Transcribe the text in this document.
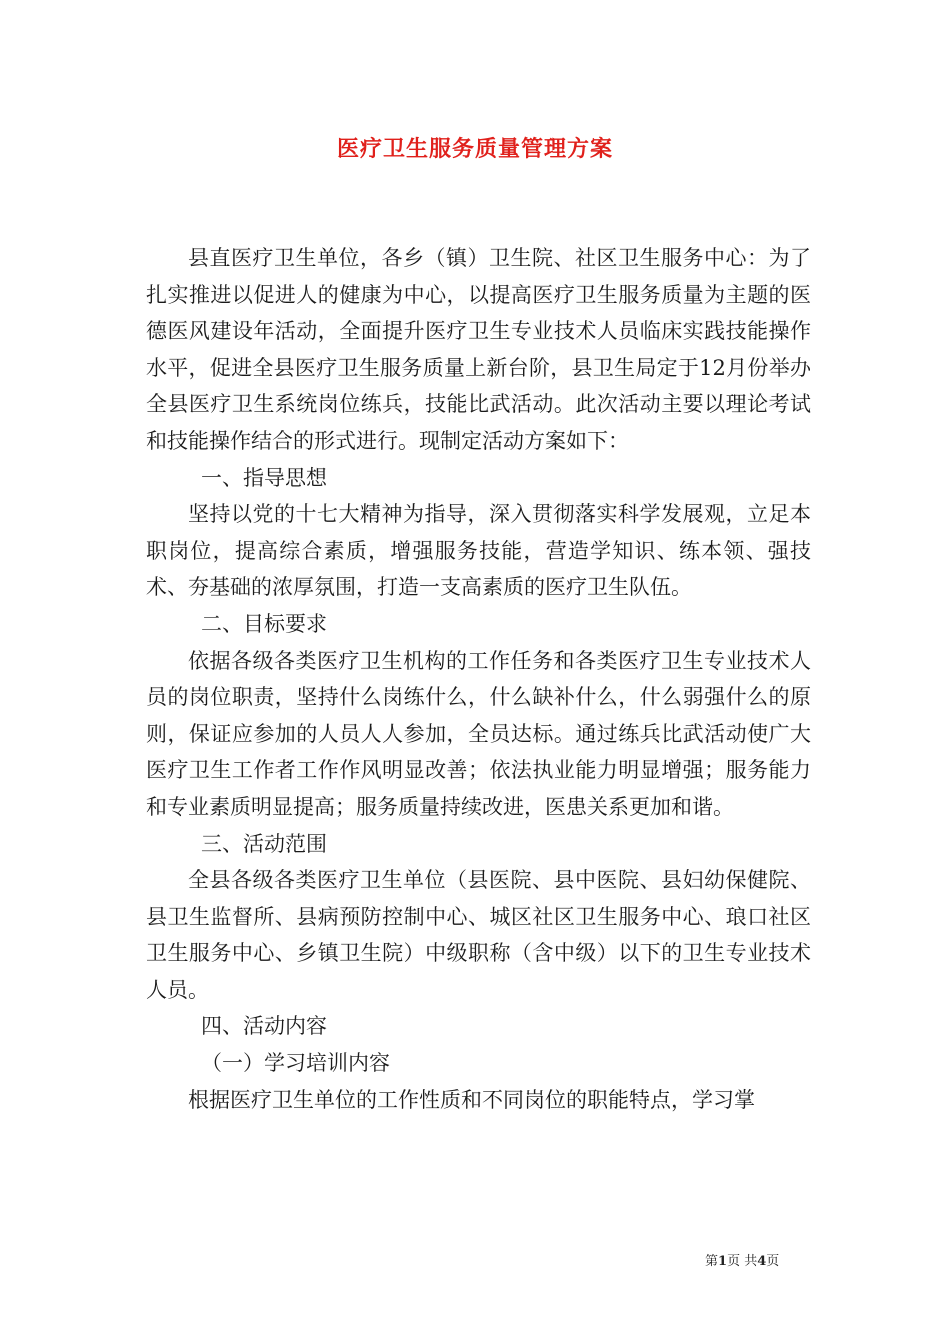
医疗卫生服务质量管理方案

县直医疗卫生单位，各乡（镇）卫生院、社区卫生服务中心：为了扎实推进以促进人的健康为中心，以提高医疗卫生服务质量为主题的医德医风建设年活动，全面提升医疗卫生专业技术人员临床实践技能操作水平，促进全县医疗卫生服务质量上新台阶，县卫生局定于12月份举办全县医疗卫生系统岗位练兵，技能比武活动。此次活动主要以理论考试和技能操作结合的形式进行。现制定活动方案如下：

一、指导思想

坚持以党的十七大精神为指导，深入贯彻落实科学发展观，立足本职岗位，提高综合素质，增强服务技能，营造学知识、练本领、强技术、夯基础的浓厚氛围，打造一支高素质的医疗卫生队伍。

二、目标要求

依据各级各类医疗卫生机构的工作任务和各类医疗卫生专业技术人员的岗位职责，坚持什么岗练什么，什么缺补什么，什么弱强什么的原则，保证应参加的人员人人参加，全员达标。通过练兵比武活动使广大医疗卫生工作者工作作风明显改善；依法执业能力明显增强；服务能力和专业素质明显提高；服务质量持续改进，医患关系更加和谐。

三、活动范围

全县各级各类医疗卫生单位（县医院、县中医院、县妇幼保健院、县卫生监督所、县病预防控制中心、城区社区卫生服务中心、琅口社区卫生服务中心、乡镇卫生院）中级职称（含中级）以下的卫生专业技术人员。

四、活动内容

（一）学习培训内容

根据医疗卫生单位的工作性质和不同岗位的职能特点，学习掌

第1页 共4页
